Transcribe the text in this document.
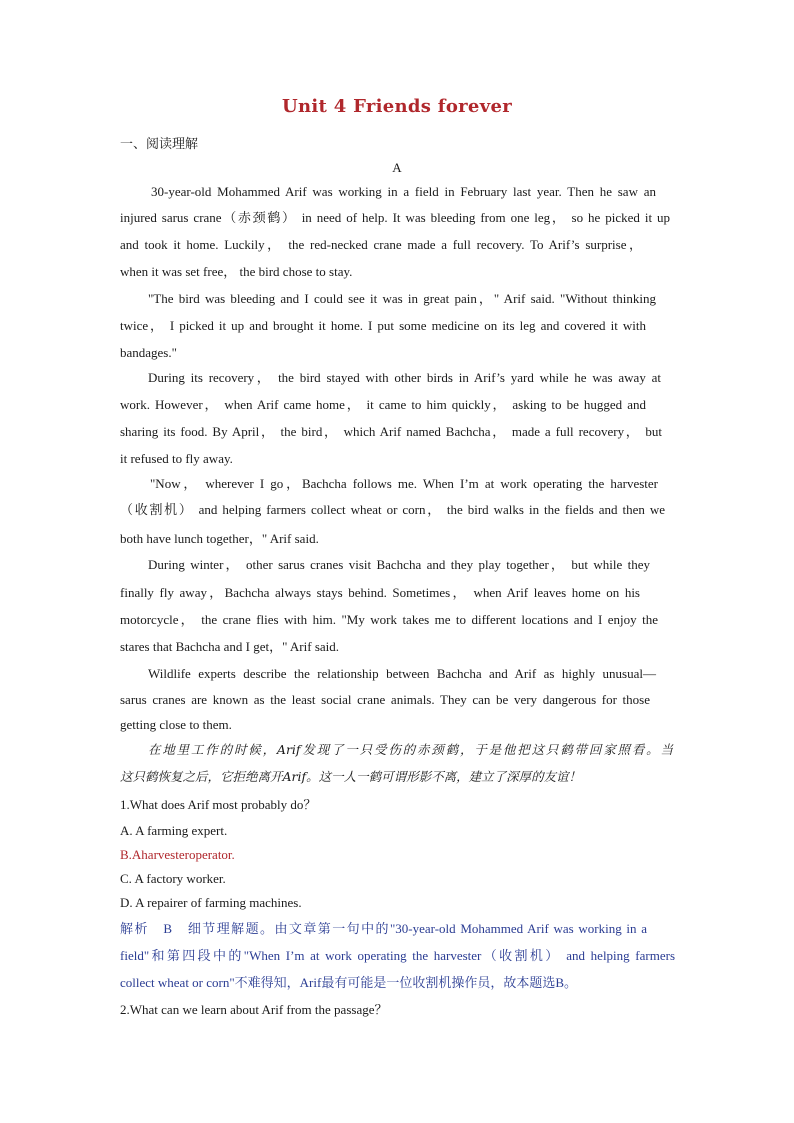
Unit 4 Friends forever
一、阅读理解
A
30-year-old Mohammed Arif was working in a field in February last year. Then he saw an
injured sarus crane（赤颈鹤） in need of help. It was bleeding from one leg， so he picked it up
and took it home. Luckily， the red-necked crane made a full recovery. To Arif’s surprise，
when it was set free， the bird chose to stay.
"The bird was bleeding and I could see it was in great pain，" Arif said. "Without thinking
twice， I picked it up and brought it home. I put some medicine on its leg and covered it with
bandages."
During its recovery， the bird stayed with other birds in Arif’s yard while he was away at
work. However， when Arif came home， it came to him quickly， asking to be hugged and
sharing its food. By April， the bird， which Arif named Bachcha， made a full recovery， but
it refused to fly away.
"Now， wherever I go，Bachcha follows me. When I’m at work operating the harvester
（收割机） and helping farmers collect wheat or corn， the bird walks in the fields and then we
both have lunch together，" Arif said.
During winter， other sarus cranes visit Bachcha and they play together， but while they
finally fly away，Bachcha always stays behind. Sometimes， when Arif leaves home on his
motorcycle， the crane flies with him. "My work takes me to different locations and I enjoy the
stares that Bachcha and I get，" Arif said.
Wildlife experts describe the relationship between Bachcha and Arif as highly unusual—
sarus cranes are known as the least social crane animals. They can be very dangerous for those
getting close to them.
在地里工作的时候，Arif发现了一只受伤的赤颈鹤，于是他把这只鹤带回家照看。当
这只鹤恢复之后，它拒绝离开Arif。这一人一鹤可谓形影不离，建立了深厚的友谊！
1.What does Arif most probably do？
A. A farming expert.
B.Aharvesteroperator.
C. A factory worker.
D. A repairer of farming machines.
解析　B　细节理解题。由文章第一句中的"30-year-old Mohammed Arif was working in a
field"和第四段中的"When I’m at work operating the harvester（收割机） and helping farmers
collect wheat or corn"不难得知，Arif最有可能是一位收割机操作员，故本题选B。
2.What can we learn about Arif from the passage？
